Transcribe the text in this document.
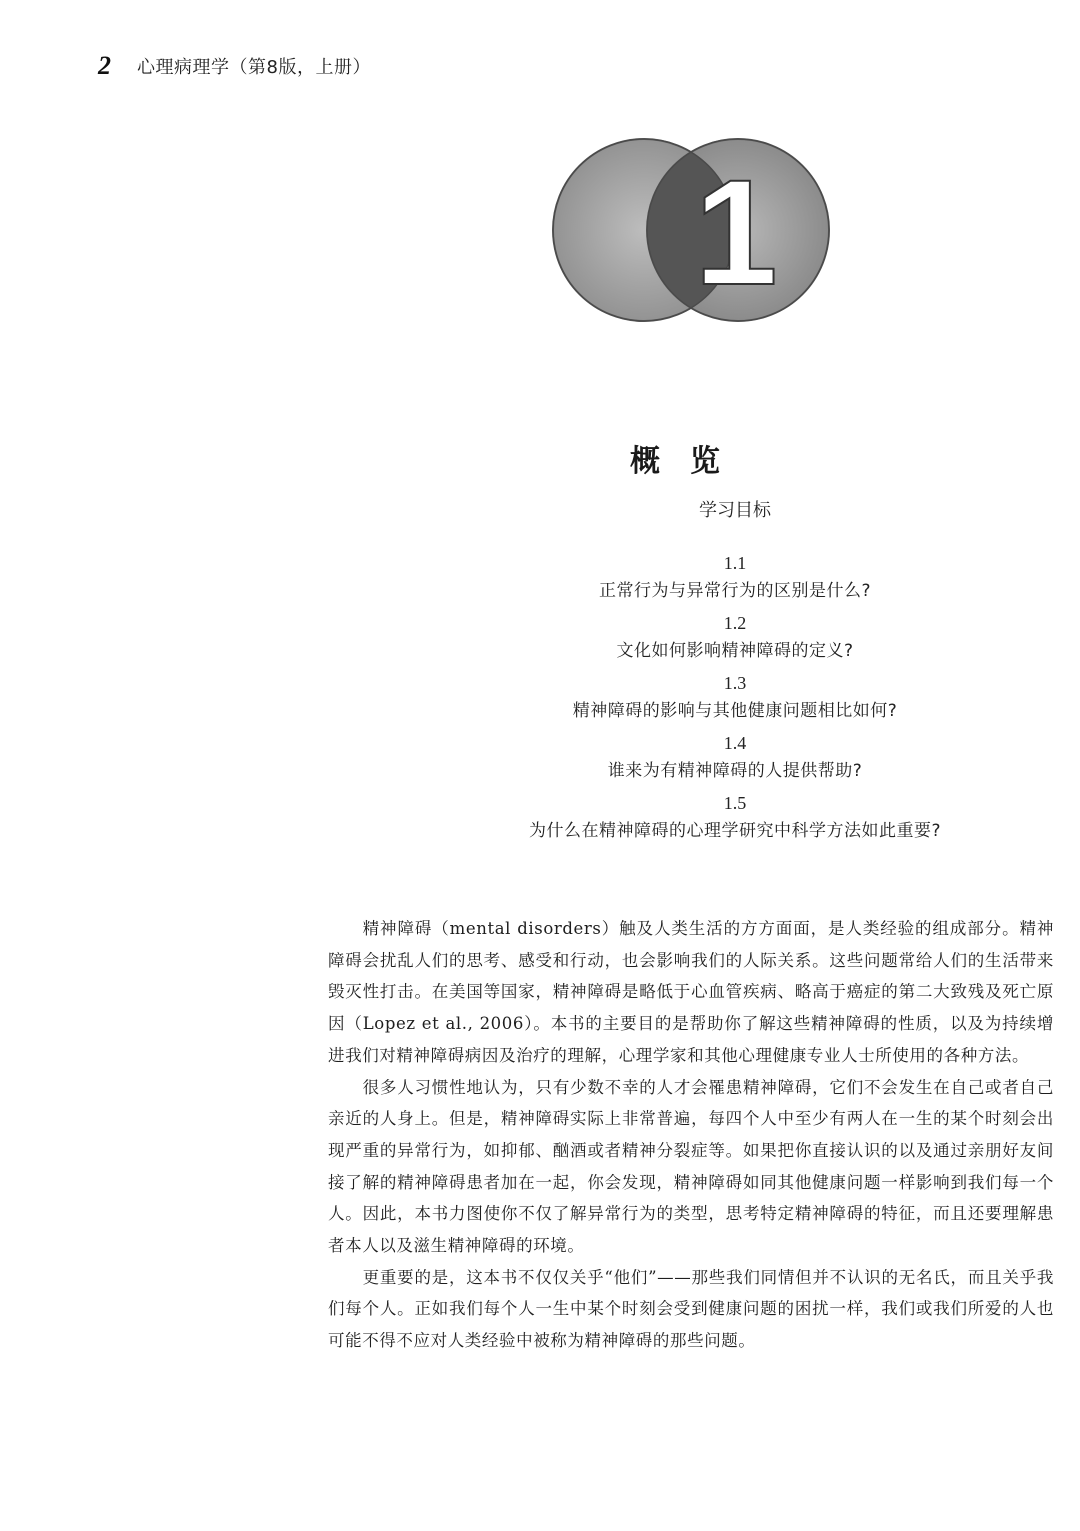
2 心理病理学（第8版，上册）
1
概览
学习目标
1.1
正常行为与异常行为的区别是什么?
1.2
文化如何影响精神障碍的定义?
1.3
精神障碍的影响与其他健康问题相比如何?
1.4
谁来为有精神障碍的人提供帮助?
1.5
为什么在精神障碍的心理学研究中科学方法如此重要?

精神障碍（mental disorders）触及人类生活的方方面面，是人类经验的组成部分。精神障碍会扰乱人们的思考、感受和行动，也会影响我们的人际关系。这些问题常给人们的生活带来毁灭性打击。在美国等国家，精神障碍是略低于心血管疾病、略高于癌症的第二大致残及死亡原因（Lopez et al., 2006）。本书的主要目的是帮助你了解这些精神障碍的性质，以及为持续增进我们对精神障碍病因及治疗的理解，心理学家和其他心理健康专业人士所使用的各种方法。

很多人习惯性地认为，只有少数不幸的人才会罹患精神障碍，它们不会发生在自己或者自己亲近的人身上。但是，精神障碍实际上非常普遍，每四个人中至少有两人在一生的某个时刻会出现严重的异常行为，如抑郁、酗酒或者精神分裂症等。如果把你直接认识的以及通过亲朋好友间接了解的精神障碍患者加在一起，你会发现，精神障碍如同其他健康问题一样影响到我们每一个人。因此，本书力图使你不仅了解异常行为的类型，思考特定精神障碍的特征，而且还要理解患者本人以及滋生精神障碍的环境。

更重要的是，这本书不仅仅关乎“他们”——那些我们同情但并不认识的无名氏，而且关乎我们每个人。正如我们每个人一生中某个时刻会受到健康问题的困扰一样，我们或我们所爱的人也可能不得不应对人类经验中被称为精神障碍的那些问题。
